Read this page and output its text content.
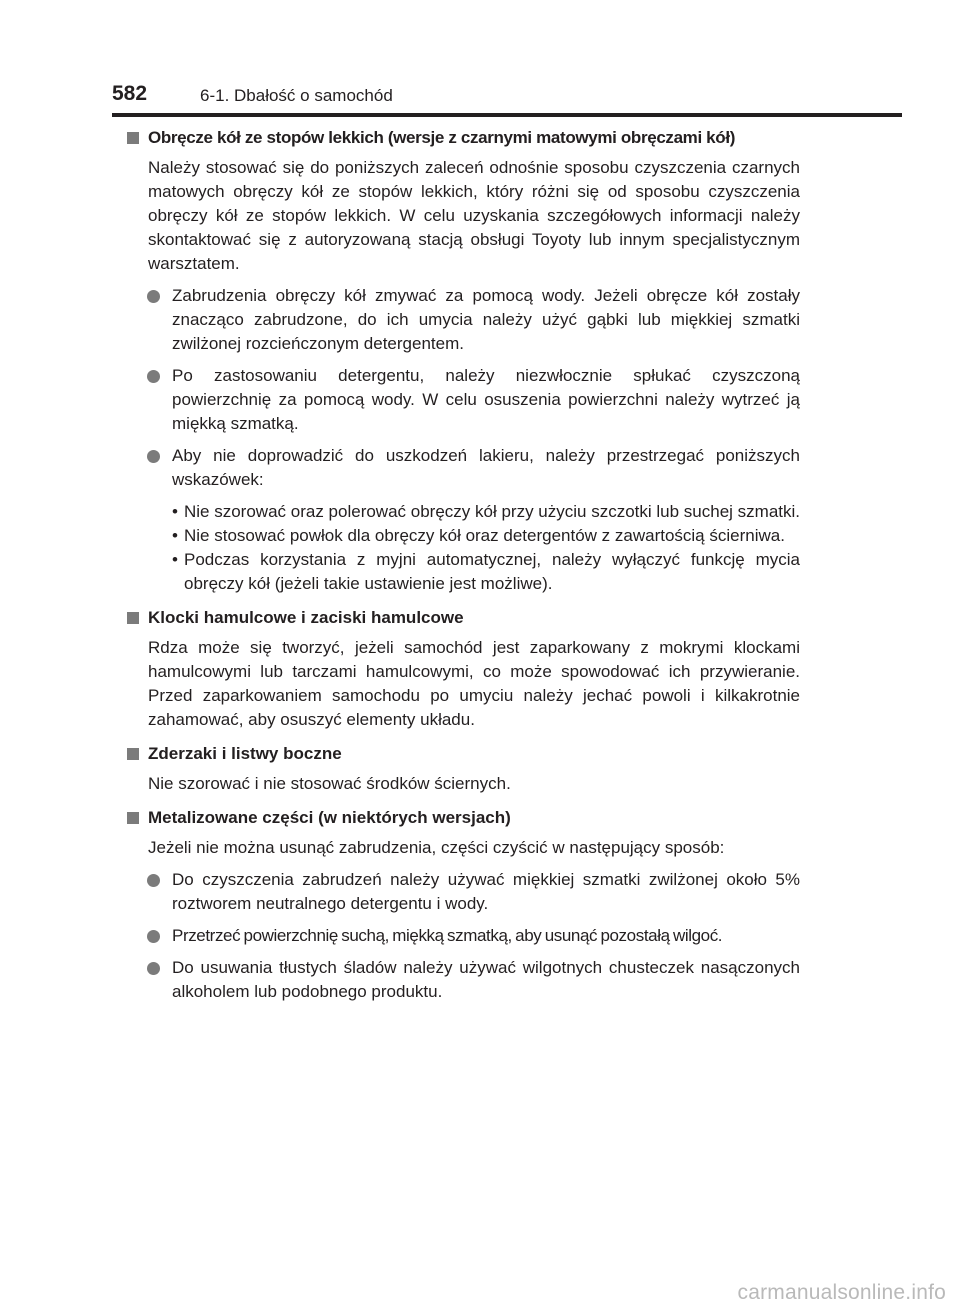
582	6-1. Dbałość o samochód
Obręcze kół ze stopów lekkich (wersje z czarnymi matowymi obręczami kół)

Należy stosować się do poniższych zaleceń odnośnie sposobu czyszczenia czarnych matowych obręczy kół ze stopów lekkich, który różni się od sposobu czyszczenia obręczy kół ze stopów lekkich. W celu uzyskania szczegółowych informacji należy skontaktować się z autoryzowaną stacją obsługi Toyoty lub innym specjalistycznym warsztatem.

Zabrudzenia obręczy kół zmywać za pomocą wody. Jeżeli obręcze kół zostały znacząco zabrudzone, do ich umycia należy użyć gąbki lub miękkiej szmatki zwilżonej rozcieńczonym detergentem.
Po zastosowaniu detergentu, należy niezwłocznie spłukać czyszczoną powierzchnię za pomocą wody. W celu osuszenia powierzchni należy wytrzeć ją miękką szmatką.
Aby nie doprowadzić do uszkodzeń lakieru, należy przestrzegać poniższych wskazówek:
• Nie szorować oraz polerować obręczy kół przy użyciu szczotki lub suchej szmatki.
• Nie stosować powłok dla obręczy kół oraz detergentów z zawartością ścierniwa.
• Podczas korzystania z myjni automatycznej, należy wyłączyć funkcję mycia obręczy kół (jeżeli takie ustawienie jest możliwe).
Klocki hamulcowe i zaciski hamulcowe

Rdza może się tworzyć, jeżeli samochód jest zaparkowany z mokrymi klockami hamulcowymi lub tarczami hamulcowymi, co może spowodować ich przywieranie. Przed zaparkowaniem samochodu po umyciu należy jechać powoli i kilkakrotnie zahamować, aby osuszyć elementy układu.

Zderzaki i listwy boczne

Nie szorować i nie stosować środków ściernych.

Metalizowane części (w niektórych wersjach)

Jeżeli nie można usunąć zabrudzenia, części czyścić w następujący sposób:

Do czyszczenia zabrudzeń należy używać miękkiej szmatki zwilżonej około 5% roztworem neutralnego detergentu i wody.
Przetrzeć powierzchnię suchą, miękką szmatką, aby usunąć pozostałą wilgoć.
Do usuwania tłustych śladów należy używać wilgotnych chusteczek nasączonych alkoholem lub podobnego produktu.
carmanualsonline.info
